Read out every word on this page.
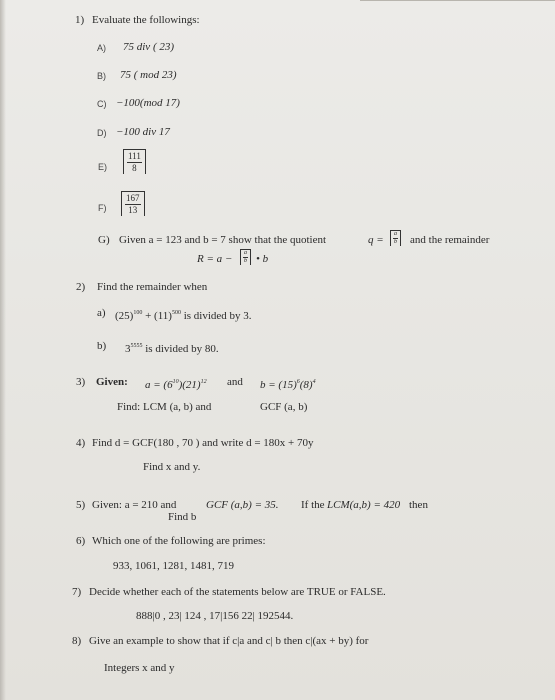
1) Evaluate the followings:
A) 75 div ( 23)
B) 75 ( mod 23)
C) −100(mod 17)
D) −100 div 17
$E) \frac{111}{8}$
$F) \frac{167}{13}$
G) Given a = 123 and b = 7 show that the quotient	$q = \frac{a}{b}$ and the remainder
$R = a - \frac{a}{b}$ • b
2) Find the remainder when
a) $(25)^{100} + (11)^{500}$ is divided by 3.
b) $3^{5555}$ is divided by 80.
3) Given: $a = (6^{10})(21)^{12}$ and $b = (15)^6(8)^4$
Find: LCM (a, b) and	GCF (a, b)
4) Find d = GCF(180 , 70 ) and write d = 180x + 70y
Find x and y.
5) Given: a = 210 and	GCF (a,b) = 35. If the LCM(a,b) = 420 then
Find b
6) Which one of the following are primes:
933, 1061, 1281, 1481, 719
7) Decide whether each of the statements below are TRUE or FALSE.
888|0 , 23| 124 , 17|156 22| 192544.
8) Give an example to show that if c|a and c| b then c|(ax + by) for
Integers x and y
